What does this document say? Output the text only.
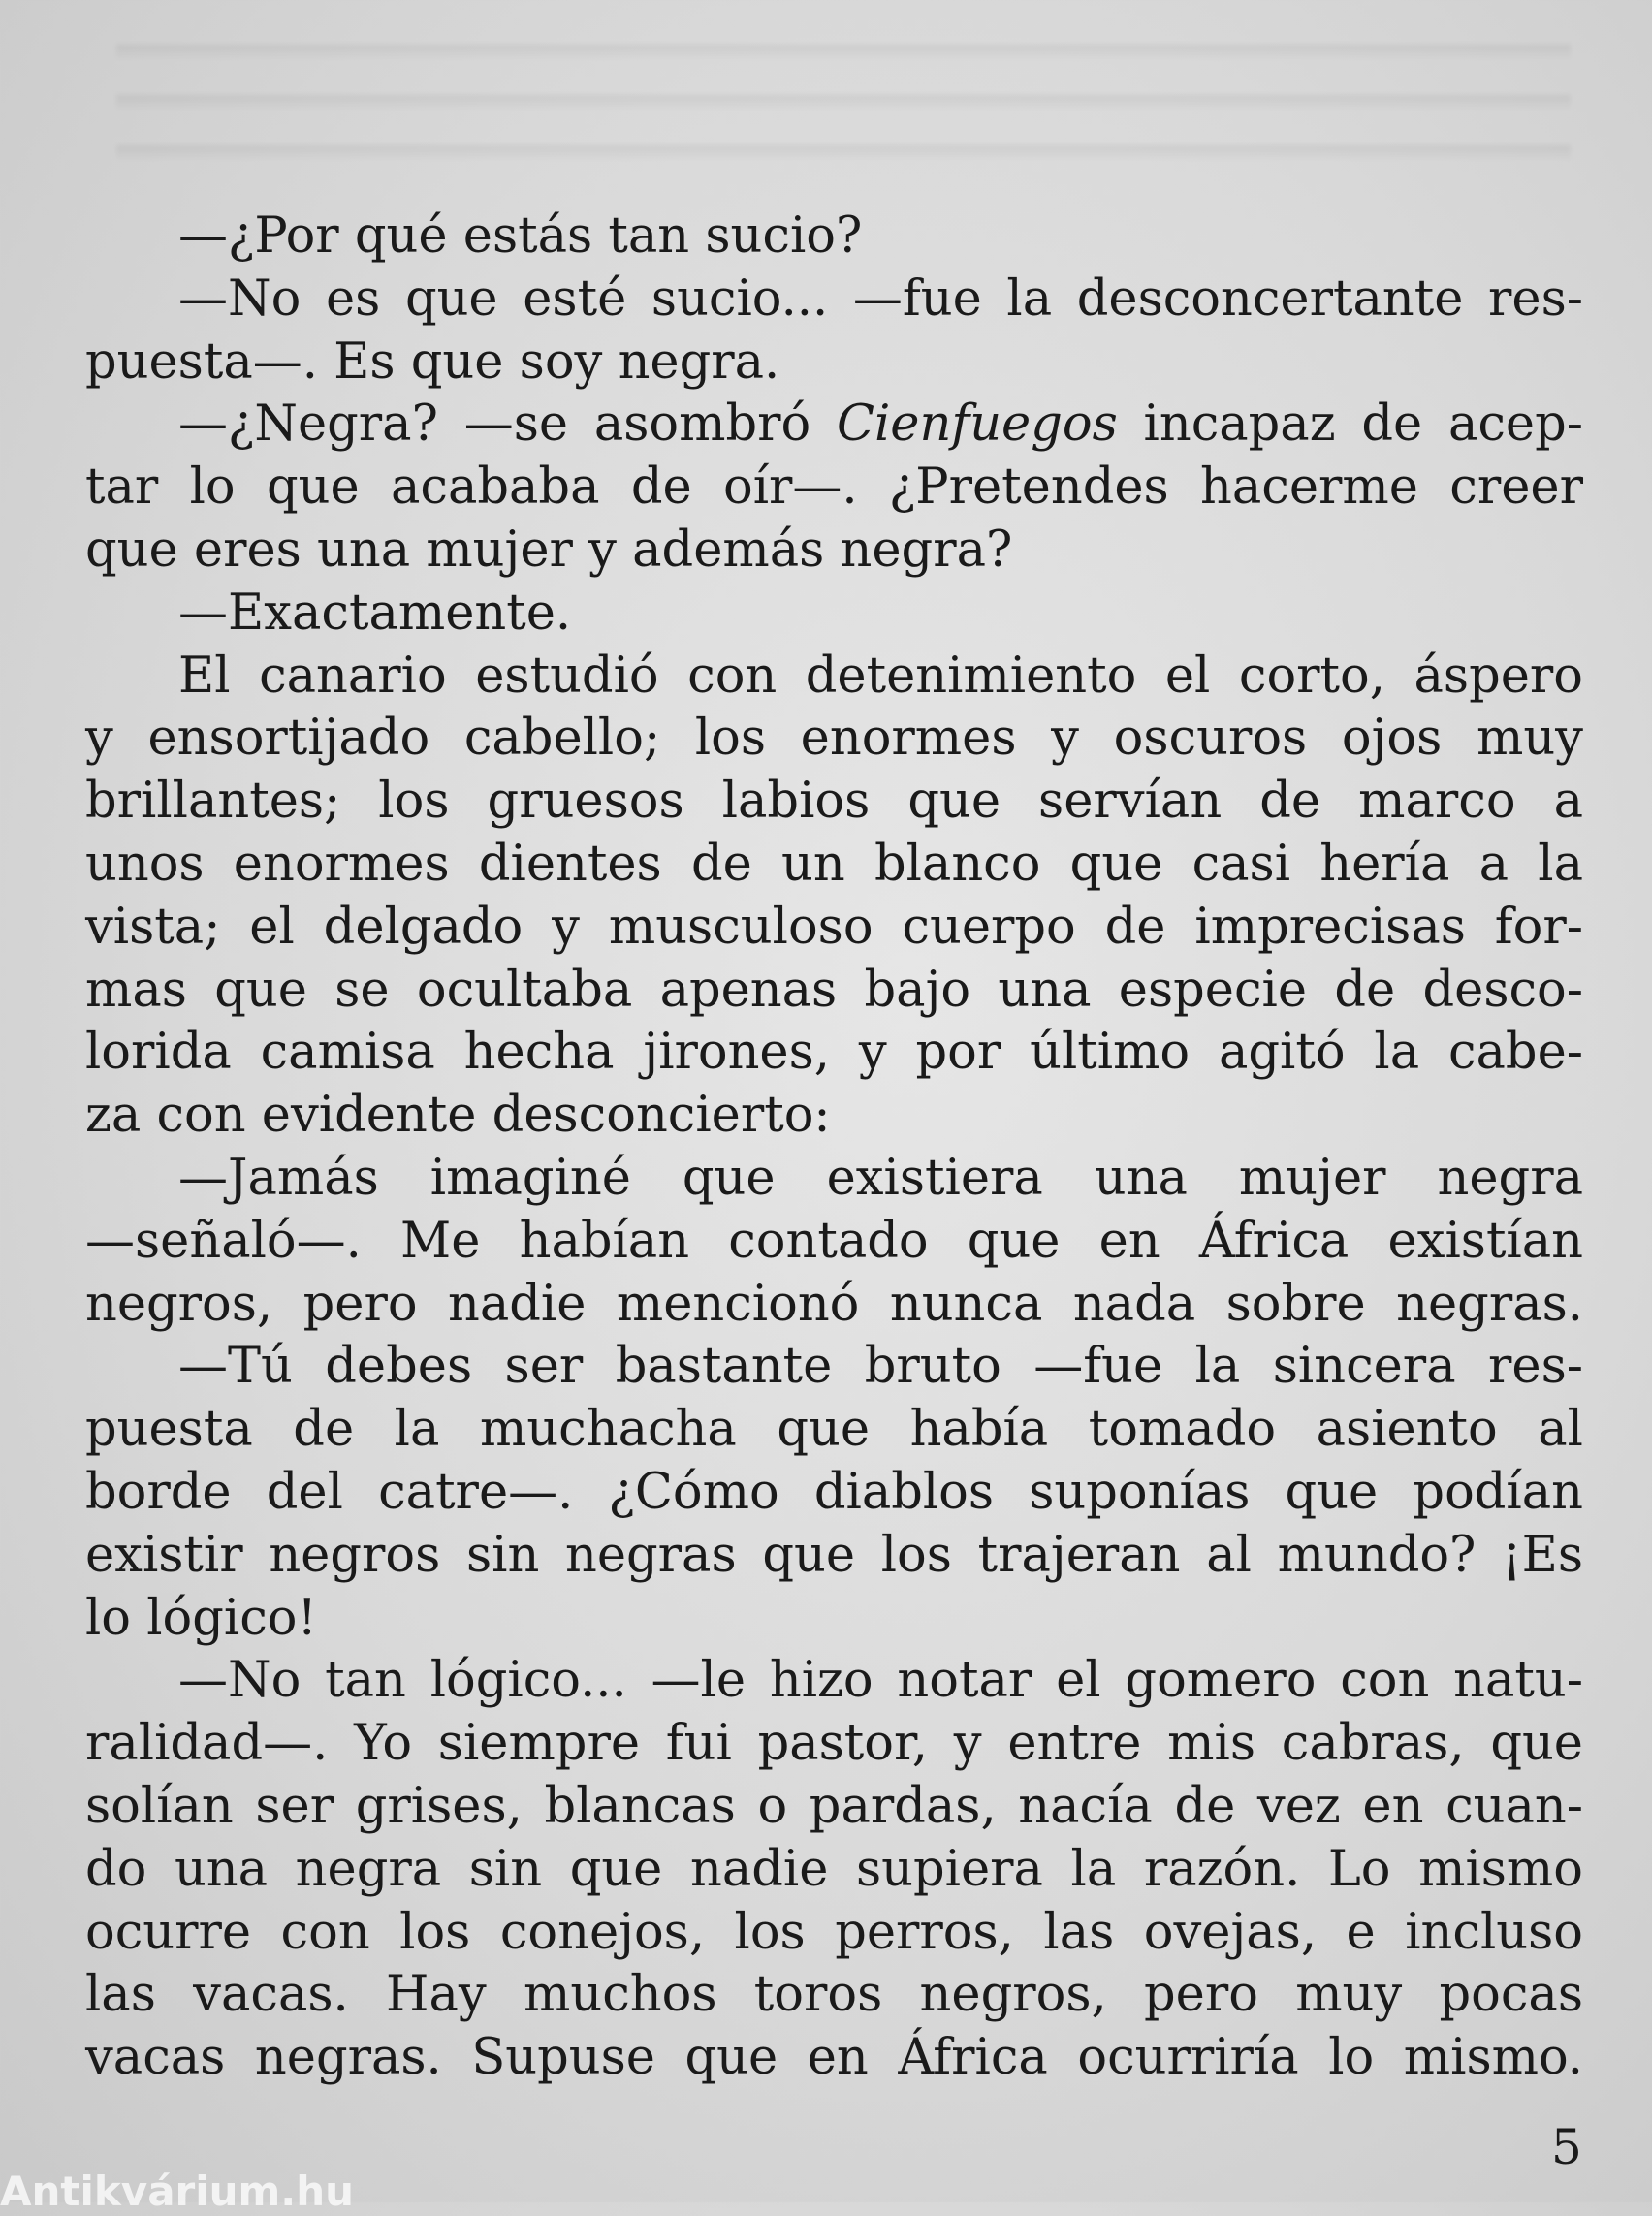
—¿Por qué estás tan sucio?
—No es que esté sucio... —fue la desconcertante res-
puesta—. Es que soy negra.
—¿Negra? —se asombró Cienfuegos incapaz de acep-
tar lo que acababa de oír—. ¿Pretendes hacerme creer
que eres una mujer y además negra?
—Exactamente.
El canario estudió con detenimiento el corto, áspero
y ensortijado cabello; los enormes y oscuros ojos muy
brillantes; los gruesos labios que servían de marco a
unos enormes dientes de un blanco que casi hería a la
vista; el delgado y musculoso cuerpo de imprecisas for-
mas que se ocultaba apenas bajo una especie de desco-
lorida camisa hecha jirones, y por último agitó la cabe-
za con evidente desconcierto:
—Jamás imaginé que existiera una mujer negra
—señaló—. Me habían contado que en África existían
negros, pero nadie mencionó nunca nada sobre negras.
—Tú debes ser bastante bruto —fue la sincera res-
puesta de la muchacha que había tomado asiento al
borde del catre—. ¿Cómo diablos suponías que podían
existir negros sin negras que los trajeran al mundo? ¡Es
lo lógico!
—No tan lógico... —le hizo notar el gomero con natu-
ralidad—. Yo siempre fui pastor, y entre mis cabras, que
solían ser grises, blancas o pardas, nacía de vez en cuan-
do una negra sin que nadie supiera la razón. Lo mismo
ocurre con los conejos, los perros, las ovejas, e incluso
las vacas. Hay muchos toros negros, pero muy pocas
vacas negras. Supuse que en África ocurriría lo mismo.
5
Antikvárium.hu
